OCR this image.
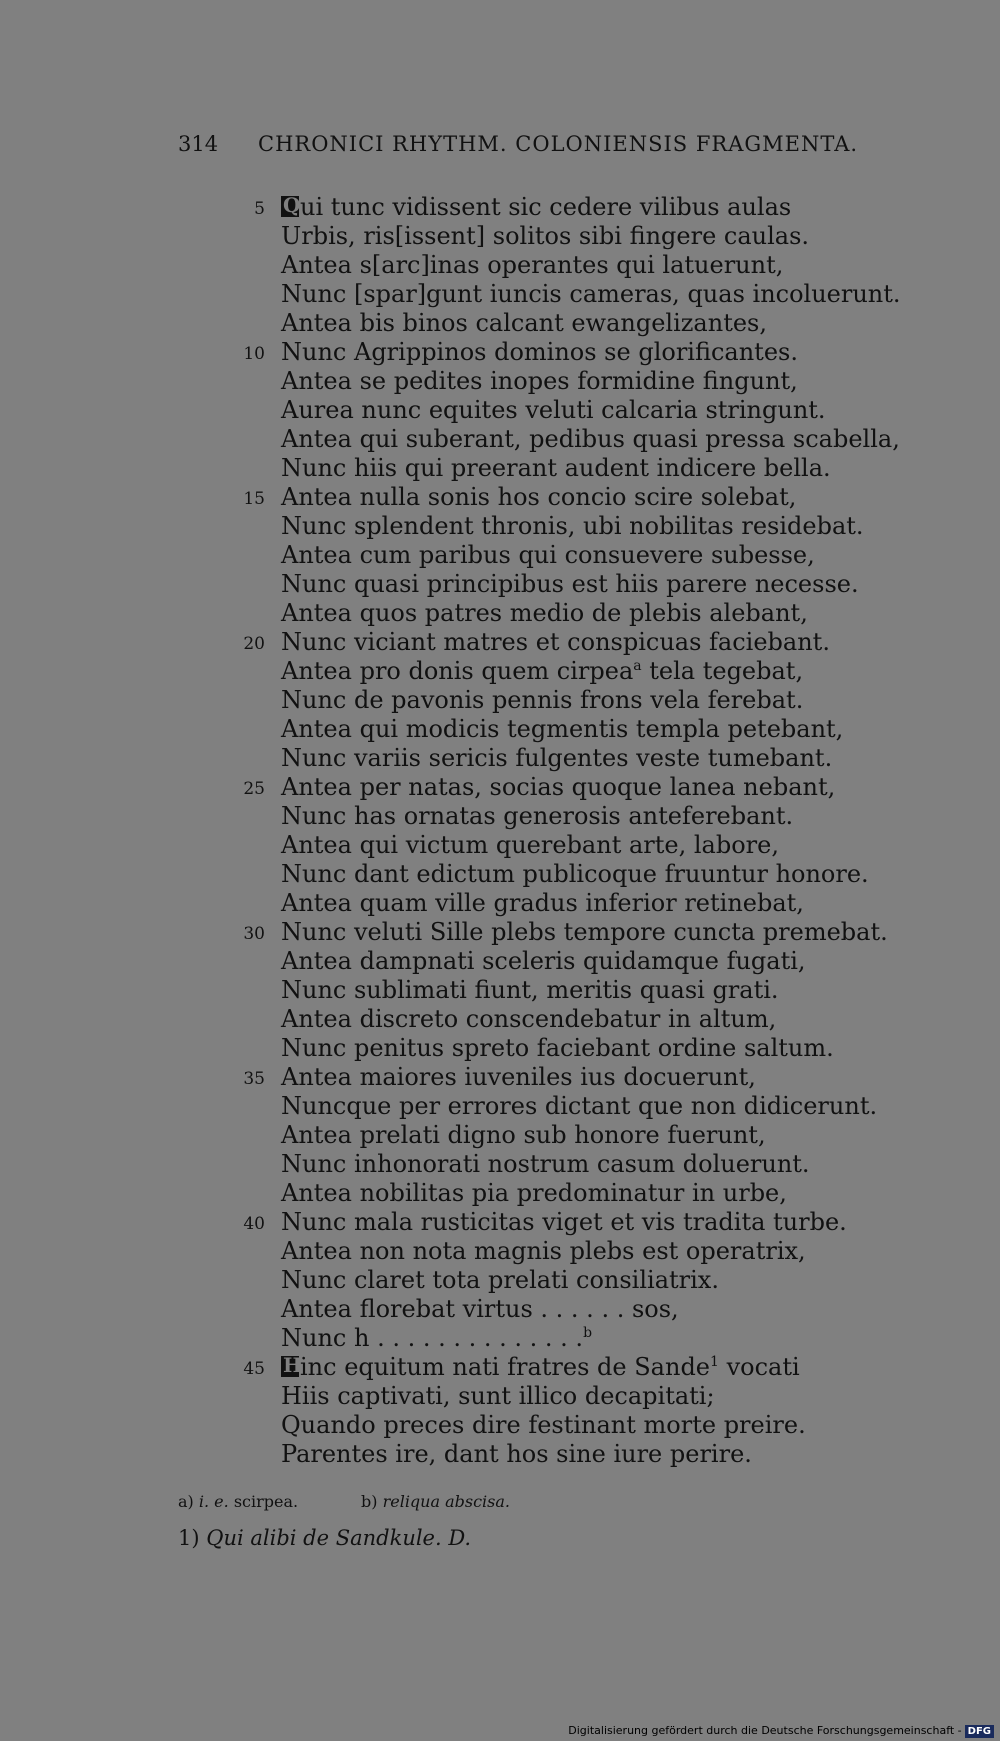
314 CHRONICI RHYTHM. COLONIENSIS FRAGMENTA.
5 Q ui tunc vidissent sic cedere vilibus aulas
Urbis, ris[issent] solitos sibi fingere caulas.
Antea s[arc]inas operantes qui latuerunt,
Nunc [spar]gunt iuncis cameras, quas incoluerunt.
Antea bis binos calcant ewangelizantes,
10 Nunc Agrippinos dominos se glorificantes.
Antea se pedites inopes formidine fingunt,
Aurea nunc equites veluti calcaria stringunt.
Antea qui suberant, pedibus quasi pressa scabella,
Nunc hiis qui preerant audent indicere bella.
15 Antea nulla sonis hos concio scire solebat,
Nunc splendent thronis, ubi nobilitas residebat.
Antea cum paribus qui consuevere subesse,
Nunc quasi principibus est hiis parere necesse.
Antea quos patres medio de plebis alebant,
20 Nunc viciant matres et conspicuas faciebant.
Antea pro donis quem cirpea$^a$ tela tegebat,
Nunc de pavonis pennis frons vela ferebat.
Antea qui modicis tegmentis templa petebant,
Nunc variis sericis fulgentes veste tumebant.
25 Antea per natas, socias quoque lanea nebant,
Nunc has ornatas generosis anteferebant.
Antea qui victum querebant arte, labore,
Nunc dant edictum publicoque fruuntur honore.
Antea quam ville gradus inferior retinebat,
30 Nunc veluti Sille plebs tempore cuncta premebat.
Antea dampnati sceleris quidamque fugati,
Nunc sublimati fiunt, meritis quasi grati.
Antea discreto conscendebatur in altum,
Nunc penitus spreto faciebant ordine saltum.
35 Antea maiores iuveniles ius docuerunt,
Nuncque per errores dictant que non didicerunt.
Antea prelati digno sub honore fuerunt,
Nunc inhonorati nostrum casum doluerunt.
Antea nobilitas pia predominatur in urbe,
40 Nunc mala rusticitas viget et vis tradita turbe.
Antea non nota magnis plebs est operatrix,
Nunc claret tota prelati consiliatrix.
Antea florebat virtus . . . . . . sos,
Nunc h . . . . . . . . . . . . . .$^b$
45 H
inc equitum nati fratres de Sande$^1$ vocati
Hiis captivati, sunt illico decapitati;
Quando preces dire festinant morte preire.
Parentes ire, dant hos sine iure perire.
a) i. e. scirpea.	b) reliqua abscisa.
1) Qui alibi de Sandkule. D.
Digitalisierung gefördert durch die Deutsche Forschungsgemeinschaft - DFG
